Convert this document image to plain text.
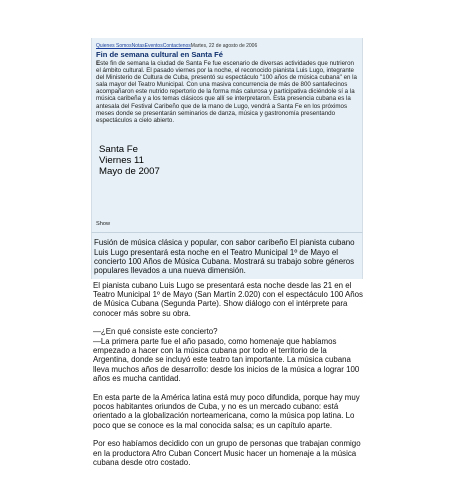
Quienes SomosNotasEventosContactenosMartes, 22 de agosto de 2006
Fin de semana cultural en Santa Fé

Este fin de semana la ciudad de Santa Fe fue escenario de diversas actividades que nutrieron el ámbito cultural. El pasado viernes por la noche, el reconocido pianista Luis Lugo, integrante del Ministerio de Cultura de Cuba, presentó su espectáculo "100 años de música cubana" en la sala mayor del Teatro Municipal. Con una masiva concurrencia de más de 800 santafecinos acompañaron este nutrido repertorio de la forma más calurosa y participativa diciéndole sí a la música caribeña y a los temas clásicos que allí se interpretaron. Esta presencia cubana es la antesala del Festival Caribeño que de la mano de Lugo, vendrá a Santa Fe en los próximos meses donde se presentarán seminarios de danza, música y gastronomía presentando espectáculos a cielo abierto.

Santa Fe
Viernes 11
Mayo de 2007
Show
Fusión de música clásica y popular, con sabor caribeño El pianista cubano Luis Lugo presentará esta noche en el Teatro Municipal 1º de Mayo el concierto 100 Años de Música Cubana. Mostrará su trabajo sobre géneros populares llevados a una nueva dimensión.

El pianista cubano Luis Lugo se presentará esta noche desde las 21 en el Teatro Municipal 1º de Mayo (San Martín 2.020) con el espectáculo 100 Años de Música Cubana (Segunda Parte). Show diálogo con el intérprete para conocer más sobre su obra.

—¿En qué consiste este concierto?

—La primera parte fue el año pasado, como homenaje que habíamos empezado a hacer con la música cubana por todo el territorio de la Argentina, donde se incluyó este teatro tan importante. La música cubana lleva muchos años de desarrollo: desde los inicios de la música a lograr 100 años es mucha cantidad.

En esta parte de la América latina está muy poco difundida, porque hay muy pocos habitantes oriundos de Cuba, y no es un mercado cubano: está orientado a la globalización norteamericana, como la música pop latina. Lo poco que se conoce es la mal conocida salsa; es un capítulo aparte.

Por eso habíamos decidido con un grupo de personas que trabajan conmigo en la productora Afro Cuban Concert Music hacer un homenaje a la música cubana desde otro costado.
